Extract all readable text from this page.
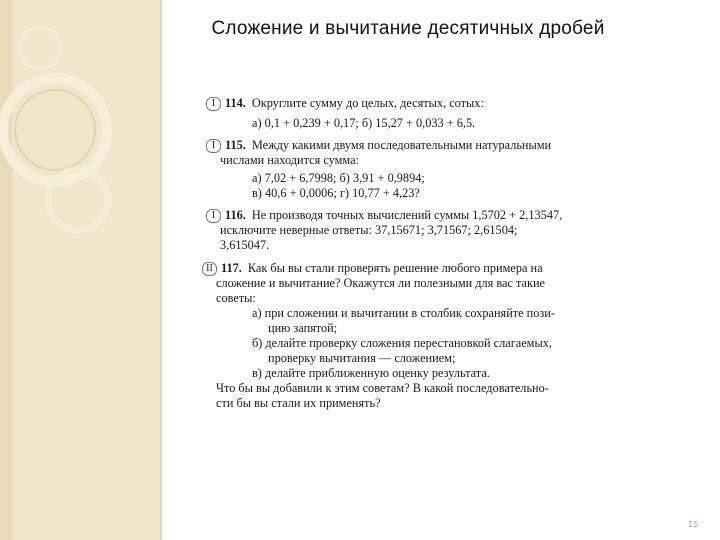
Сложение и вычитание десятичных дробей
I 114. Округлите сумму до целых, десятых, сотых:
а) 0,1 + 0,239 + 0,17; б) 15,27 + 0,033 + 6,5.
I 115. Между какими двумя последовательными натуральными
числами находится сумма:
а) 7,02 + 6,7998; б) 3,91 + 0,9894;
в) 40,6 + 0,0006; г) 10,77 + 4,23?
I 116. Не производя точных вычислений суммы 1,5702 + 2,13547,
исключите неверные ответы: 37,15671; 3,71567; 2,61504;
3,615047.
II 117. Как бы вы стали проверять решение любого примера на
сложение и вычитание? Окажутся ли полезными для вас такие
советы:
а) при сложении и вычитании в столбик сохраняйте пози-
цию запятой;
б) делайте проверку сложения перестановкой слагаемых,
проверку вычитания — сложением;
в) делайте приближенную оценку результата.
Что бы вы добавили к этим советам? В какой последовательно-
сти бы вы стали их применять?
15
